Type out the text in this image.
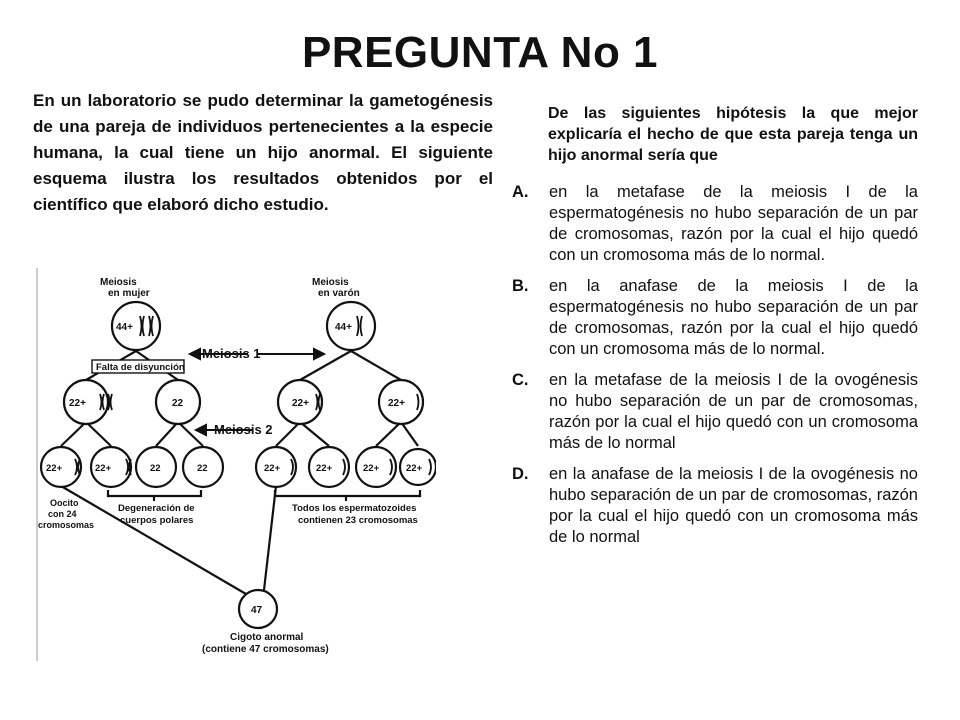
PREGUNTA No 1
En un laboratorio se pudo determinar la gametogénesis de una pareja de individuos pertenecientes a la especie humana, la cual tiene un hijo anormal. El siguiente esquema ilustra los resultados obtenidos por el científico que elaboró dicho estudio.
De las siguientes hipótesis la que mejor explicaría el hecho de que esta pareja tenga un hijo anormal sería que
A. en la metafase de la meiosis I de la espermatogénesis no hubo separación de un par de cromosomas, razón por la cual el hijo quedó con un cromosoma más de lo normal.
B. en la anafase de la meiosis I de la espermatogénesis no hubo separación de un par de cromosomas, razón por la cual el hijo quedó con un cromosoma más de lo normal.
C. en la metafase de la meiosis I de la ovogénesis no hubo separación de un par de cromosomas, razón por la cual el hijo quedó con un cromosoma más de lo normal
D. en la anafase de la meiosis I de la ovogénesis no hubo separación de un par de cromosomas, razón por la cual el hijo quedó con un cromosoma más de lo normal
Meiosis
en mujer
Meiosis
en varón
44+	44+
Falta de disyunción
Meiosis 1
Meiosis 2
22+	22	22+	22+
22+	22+	22	22	22+	22+	22+	22+
Oocito
con 24
cromosomas
Degeneración de
cuerpos polares
Todos los espermatozoides
contienen 23 cromosomas
47
Cigoto anormal
(contiene 47 cromosomas)
